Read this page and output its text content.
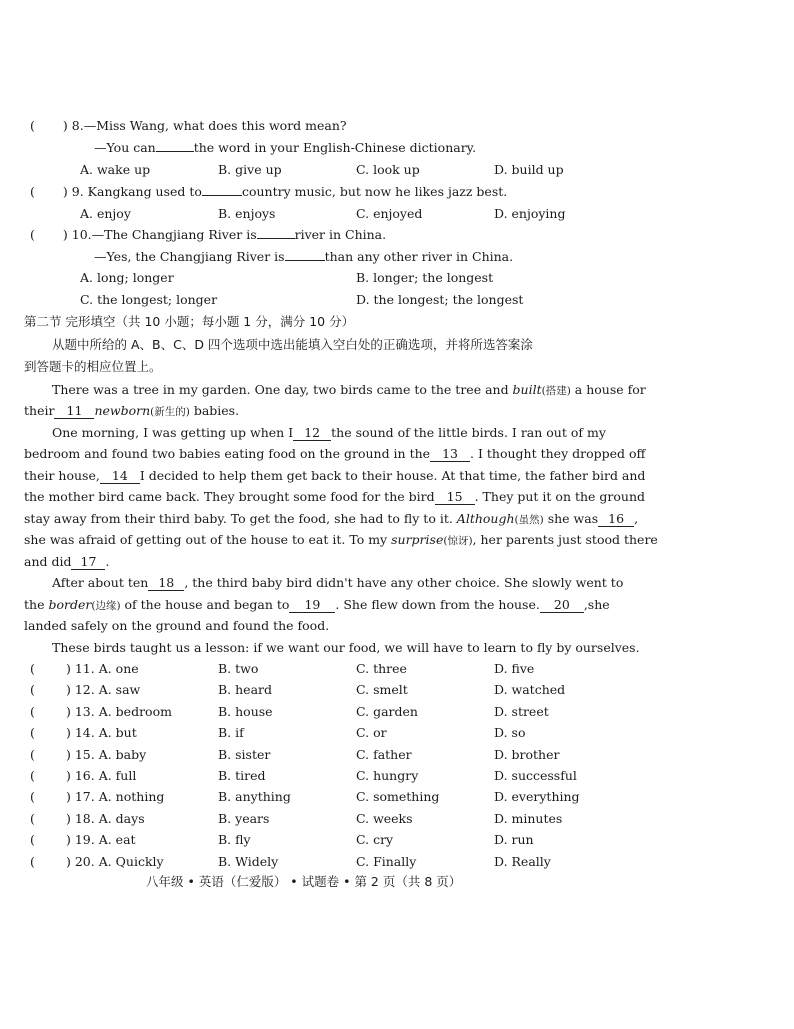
( ) 8.—Miss Wang, what does this word mean?
—You can	the word in your English-Chinese dictionary.
A. wake up	B. give up	C. look up	D. build up
( ) 9. Kangkang used to	country music, but now he likes jazz best.
A. enjoy	B. enjoys	C. enjoyed	D. enjoying
( ) 10.—The Changjiang River is	river in China.
—Yes, the Changjiang River is	than any other river in China.
A. long; longer	B. longer; the longest
C. the longest; longer	D. the longest; the longest
第二节 完形填空（共 10 小题；每小题 1 分，满分 10 分）
从题中所给的 A、B、C、D 四个选项中选出能填入空白处的正确选项，并将所选答案涂
到答题卡的相应位置上。
There was a tree in my garden. One day, two birds came to the tree and built(搭建) a house for
their 11 newborn(新生的) babies.
One morning, I was getting up when I 12 the sound of the little birds. I ran out of my
bedroom and found two babies eating food on the ground in the 13 . I thought they dropped off
their house, 14 I decided to help them get back to their house. At that time, the father bird and
the mother bird came back. They brought some food for the bird 15 . They put it on the ground
stay away from their third baby. To get the food, she had to fly to it. Although(虽然) she was 16 ,
she was afraid of getting out of the house to eat it. To my surprise(惊讶), her parents just stood there
and did 17 .
After about ten 18 , the third baby bird didn't have any other choice. She slowly went to
the border(边缘) of the house and began to 19 . She flew down from the house. 20 ,she
landed safely on the ground and found the food.
These birds taught us a lesson: if we want our food, we will have to learn to fly by ourselves.
( ) 11. A. one	B. two	C. three	D. five
( ) 12. A. saw	B. heard	C. smelt	D. watched
( ) 13. A. bedroom	B. house	C. garden	D. street
( ) 14. A. but	B. if	C. or	D. so
( ) 15. A. baby	B. sister	C. father	D. brother
( ) 16. A. full	B. tired	C. hungry	D. successful
( ) 17. A. nothing	B. anything	C. something	D. everything
( ) 18. A. days	B. years	C. weeks	D. minutes
( ) 19. A. eat	B. fly	C. cry	D. run
( ) 20. A. Quickly	B. Widely	C. Finally	D. Really
八年级 • 英语（仁爱版） • 试题卷 • 第 2 页（共 8 页）
